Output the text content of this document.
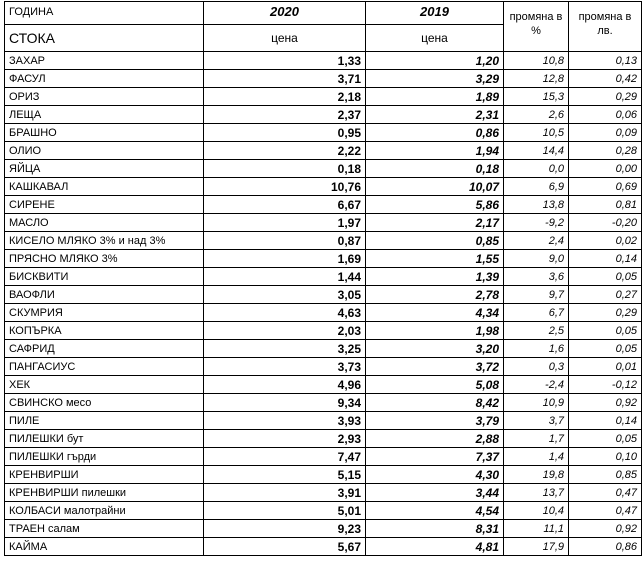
ГОДИНА	2020	2019	промяна в %	промяна в лв.
СТОКА	цена	цена		
ЗАХАР	1,33	1,20	10,8	0,13
ФАСУЛ	3,71	3,29	12,8	0,42
ОРИЗ	2,18	1,89	15,3	0,29
ЛЕЩА	2,37	2,31	2,6	0,06
БРАШНО	0,95	0,86	10,5	0,09
ОЛИО	2,22	1,94	14,4	0,28
ЯЙЦА	0,18	0,18	0,0	0,00
КАШКАВАЛ	10,76	10,07	6,9	0,69
СИРЕНЕ	6,67	5,86	13,8	0,81
МАСЛО	1,97	2,17	-9,2	-0,20
КИСЕЛО МЛЯКО 3% и над 3%	0,87	0,85	2,4	0,02
ПРЯСНО МЛЯКО 3%	1,69	1,55	9,0	0,14
БИСКВИТИ	1,44	1,39	3,6	0,05
ВАОФЛИ	3,05	2,78	9,7	0,27
СКУМРИЯ	4,63	4,34	6,7	0,29
КОПЪРКА	2,03	1,98	2,5	0,05
САФРИД	3,25	3,20	1,6	0,05
ПАНГАСИУС	3,73	3,72	0,3	0,01
ХЕК	4,96	5,08	-2,4	-0,12
СВИНСКО месо	9,34	8,42	10,9	0,92
ПИЛЕ	3,93	3,79	3,7	0,14
ПИЛЕШКИ бут	2,93	2,88	1,7	0,05
ПИЛЕШКИ гърди	7,47	7,37	1,4	0,10
КРЕНВИРШИ	5,15	4,30	19,8	0,85
КРЕНВИРШИ пилешки	3,91	3,44	13,7	0,47
КОЛБАСИ малотрайни	5,01	4,54	10,4	0,47
ТРАЕН салам	9,23	8,31	11,1	0,92
КАЙМА	5,67	4,81	17,9	0,86
